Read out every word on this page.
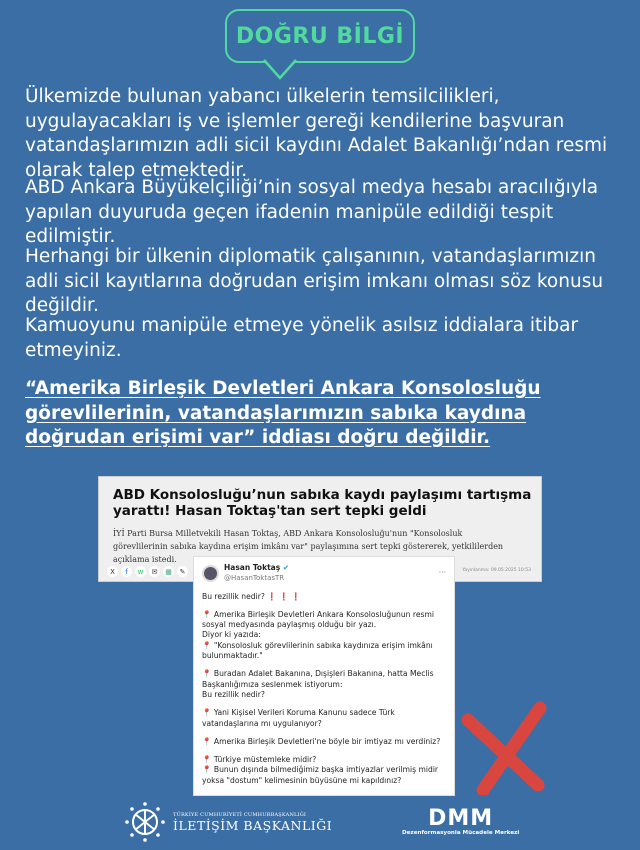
DOĞRU BİLGİ
Ülkemizde bulunan yabancı ülkelerin temsilcilikleri, uygulayacakları iş ve işlemler gereği kendilerine başvuran vatandaşlarımızın adli sicil kaydını Adalet Bakanlığı’ndan resmi olarak talep etmektedir.
ABD Ankara Büyükelçiliği’nin sosyal medya hesabı aracılığıyla yapılan duyuruda geçen ifadenin manipüle edildiği tespit edilmiştir.
Herhangi bir ülkenin diplomatik çalışanının, vatandaşlarımızın adli sicil kayıtlarına doğrudan erişim imkanı olması söz konusu değildir.
Kamuoyunu manipüle etmeye yönelik asılsız iddialara itibar etmeyiniz.
“Amerika Birleşik Devletleri Ankara Konsolosluğu görevlilerinin, vatandaşlarımızın sabıka kaydına doğrudan erişimi var” iddiası doğru değildir.
ABD Konsolosluğu’nun sabıka kaydı paylaşımı tartışma yarattı! Hasan Toktaş'tan sert tepki geldi

İYİ Parti Bursa Milletvekili Hasan Toktaş, ABD Ankara Konsolosluğu'nun "Konsolosluk görevlilerinin sabıka kaydına erişim imkânı var" paylaşımına sert tepki göstererek, yetkililerden açıklama istedi.

X	f	w	✉	▦	✎	Yayınlanma: 09.05.2025 10:53
Hasan Toktaş ✔
@HasanToktasTR
···
Bu rezillik nedir? ❗ ❗ ❗
📍 Amerika Birleşik Devletleri Ankara Konsolosluğunun resmi sosyal medyasında paylaşmış olduğu bir yazı.
Diyor ki yazıda:
📍 "Konsolosluk görevlilerinin sabıka kaydınıza erişim imkânı bulunmaktadır."
📍 Buradan Adalet Bakanına, Dışişleri Bakanına, hatta Meclis Başkanlığımıza seslenmek istiyorum:
Bu rezillik nedir?
📍 Yani Kişisel Verileri Koruma Kanunu sadece Türk vatandaşlarına mı uygulanıyor?
📍 Amerika Birleşik Devletleri'ne böyle bir imtiyaz mı verdiniz?
📍 Türkiye müstemleke midir?
📍 Bunun dışında bilmediğimiz başka imtiyazlar verilmiş midir yoksa "dostum" kelimesinin büyüsüne mi kapıldınız?
TÜRKİYE CUMHURİYETİ CUMHURBAŞKANLIĞI
İLETİŞİM BAŞKANLIĞI	DMM
Dezenformasyonla Mücadele Merkezi
